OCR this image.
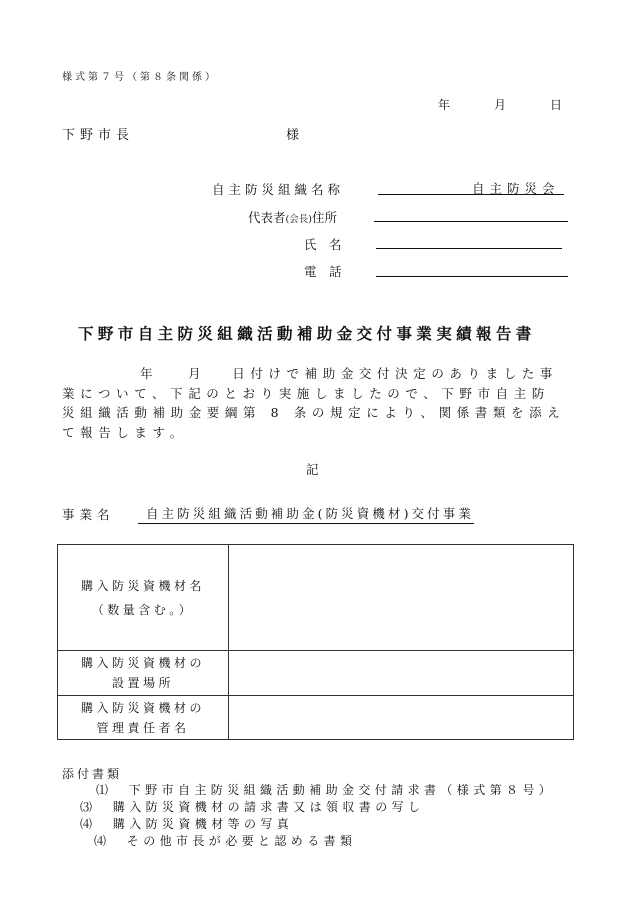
様式第７号（第８条関係）
年	月	日
下野市長	様
自主防災組織名称	自主防災会
代表者(会長)住所
氏　名
電　話
下野市自主防災組織活動補助金交付事業実績報告書
年 月 日付けで補助金交付決定のありました事業について、下記のとおり実施しましたので、下野市自主防災組織活動補助金要綱第 8 条の規定により、関係書類を添えて報告します。
記
事業名	自主防災組織活動補助金(防災資機材)交付事業
購入防災資機材名
（数量含む。）	

購入防災資機材の
設置場所	

購入防災資機材の
管理責任者名	

添付書類
⑴　下野市自主防災組織活動補助金交付請求書（様式第８号）
⑶　購入防災資機材の請求書又は領収書の写し
⑷　購入防災資機材等の写真
⑷　その他市長が必要と認める書類
